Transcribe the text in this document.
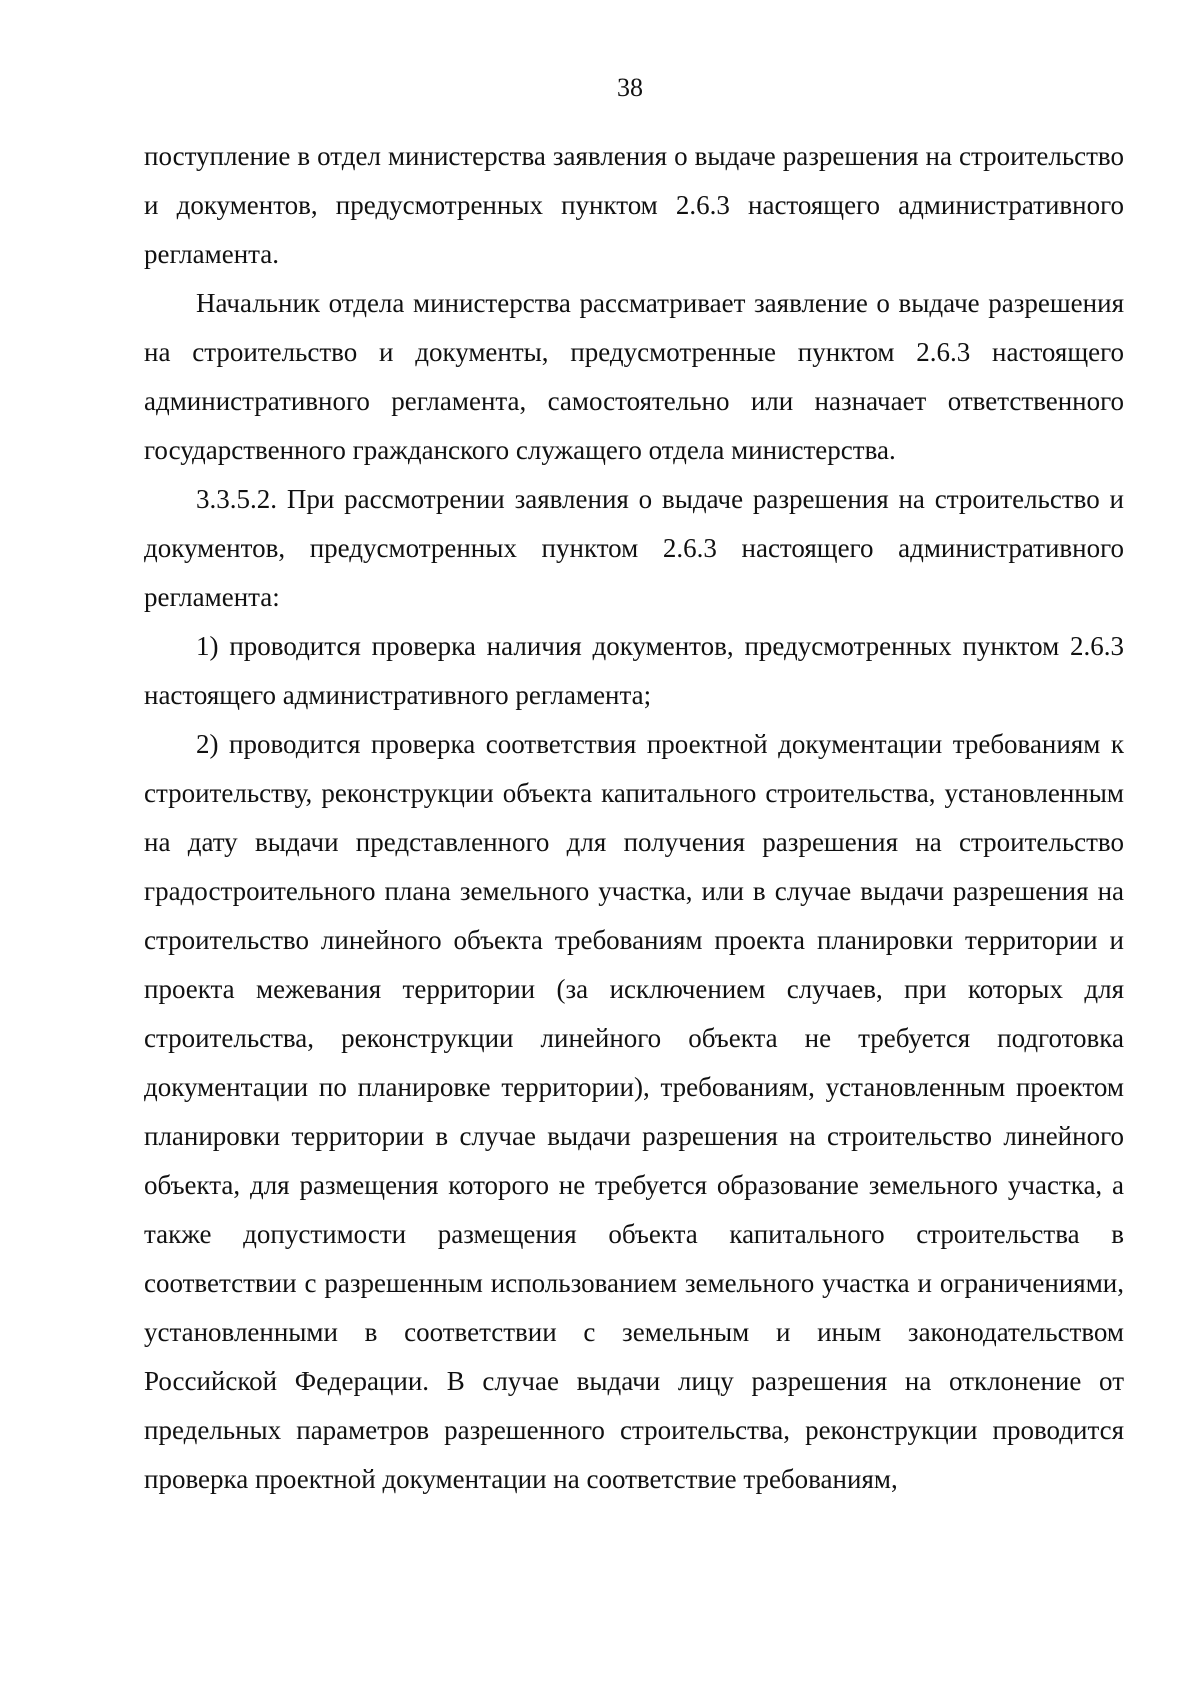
38

поступление в отдел министерства заявления о выдаче разрешения на строительство и документов, предусмотренных пунктом 2.6.3 настоящего административного регламента.

Начальник отдела министерства рассматривает заявление о выдаче разрешения на строительство и документы, предусмотренные пунктом 2.6.3 настоящего административного регламента, самостоятельно или назначает ответственного государственного гражданского служащего отдела министерства.

3.3.5.2. При рассмотрении заявления о выдаче разрешения на строительство и документов, предусмотренных пунктом 2.6.3 настоящего административного регламента:

1) проводится проверка наличия документов, предусмотренных пунктом 2.6.3 настоящего административного регламента;

2) проводится проверка соответствия проектной документации требованиям к строительству, реконструкции объекта капитального строительства, установленным на дату выдачи представленного для получения разрешения на строительство градостроительного плана земельного участка, или в случае выдачи разрешения на строительство линейного объекта требованиям проекта планировки территории и проекта межевания территории (за исключением случаев, при которых для строительства, реконструкции линейного объекта не требуется подготовка документации по планировке территории), требованиям, установленным проектом планировки территории в случае выдачи разрешения на строительство линейного объекта, для размещения которого не требуется образование земельного участка, а также допустимости размещения объекта капитального строительства в соответствии с разрешенным использованием земельного участка и ограничениями, установленными в соответствии с земельным и иным законодательством Российской Федерации. В случае выдачи лицу разрешения на отклонение от предельных параметров разрешенного строительства, реконструкции проводится проверка проектной документации на соответствие требованиям,
